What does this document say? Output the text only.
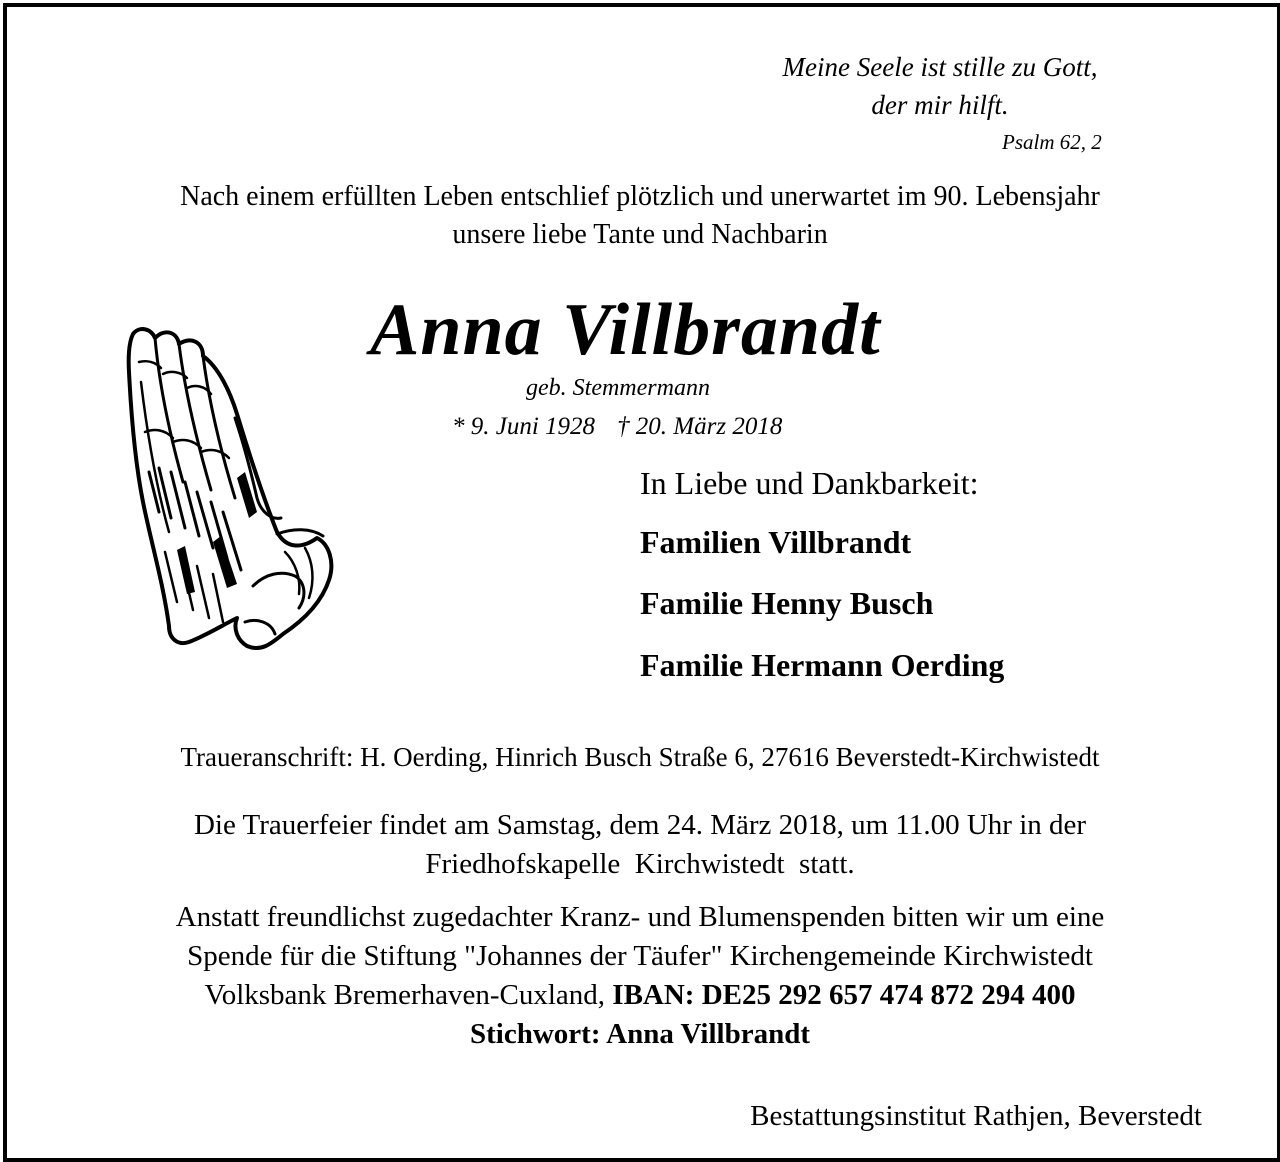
Meine Seele ist stille zu Gott,
der mir hilft.
Psalm 62, 2
Nach einem erfüllten Leben entschlief plötzlich und unerwartet im 90. Lebensjahr
unsere liebe Tante und Nachbarin
Anna Villbrandt
geb. Stemmermann
* 9. Juni 1928 † 20. März 2018
In Liebe und Dankbarkeit:
Familien Villbrandt
Familie Henny Busch
Familie Hermann Oerding
Traueranschrift: H. Oerding, Hinrich Busch Straße 6, 27616 Beverstedt-Kirchwistedt
Die Trauerfeier findet am Samstag, dem 24. März 2018, um 11.00 Uhr in der
Friedhofskapelle  Kirchwistedt  statt.
Anstatt freundlichst zugedachter Kranz- und Blumenspenden bitten wir um eine
Spende für die Stiftung "Johannes der Täufer" Kirchengemeinde Kirchwistedt
Volksbank Bremerhaven-Cuxland, IBAN: DE25 292 657 474 872 294 400
Stichwort: Anna Villbrandt
Bestattungsinstitut Rathjen, Beverstedt
